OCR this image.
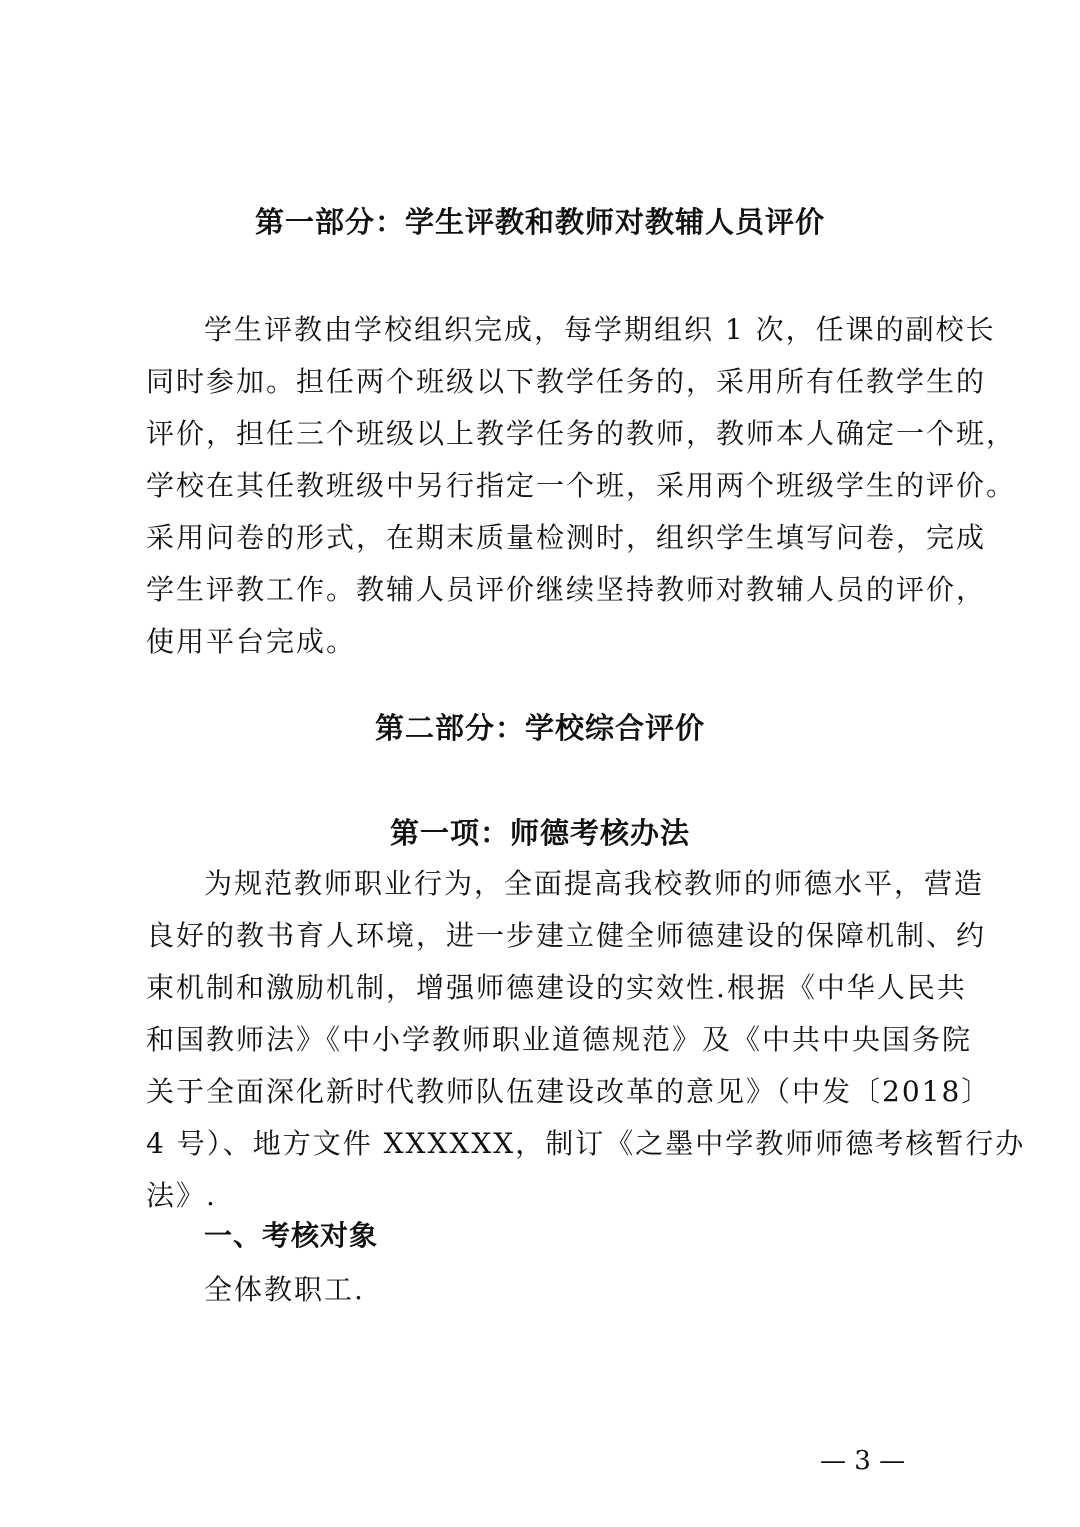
第一部分：学生评教和教师对教辅人员评价

学生评教由学校组织完成，每学期组织 1 次，任课的副校长
同时参加。担任两个班级以下教学任务的，采用所有任教学生的
评价，担任三个班级以上教学任务的教师，教师本人确定一个班，
学校在其任教班级中另行指定一个班，采用两个班级学生的评价。
采用问卷的形式，在期末质量检测时，组织学生填写问卷，完成
学生评教工作。教辅人员评价继续坚持教师对教辅人员的评价，
使用平台完成。

第二部分：学校综合评价
第一项：师德考核办法

为规范教师职业行为，全面提高我校教师的师德水平，营造
良好的教书育人环境，进一步建立健全师德建设的保障机制、约
束机制和激励机制，增强师德建设的实效性.根据《中华人民共
和国教师法》《中小学教师职业道德规范》及《中共中央国务院
关于全面深化新时代教师队伍建设改革的意见》（中发〔2018〕
4 号）、地方文件 XXXXXX，制订《之墨中学教师师德考核暂行办
法》.

一、考核对象
全体教职工.
— 3 —
